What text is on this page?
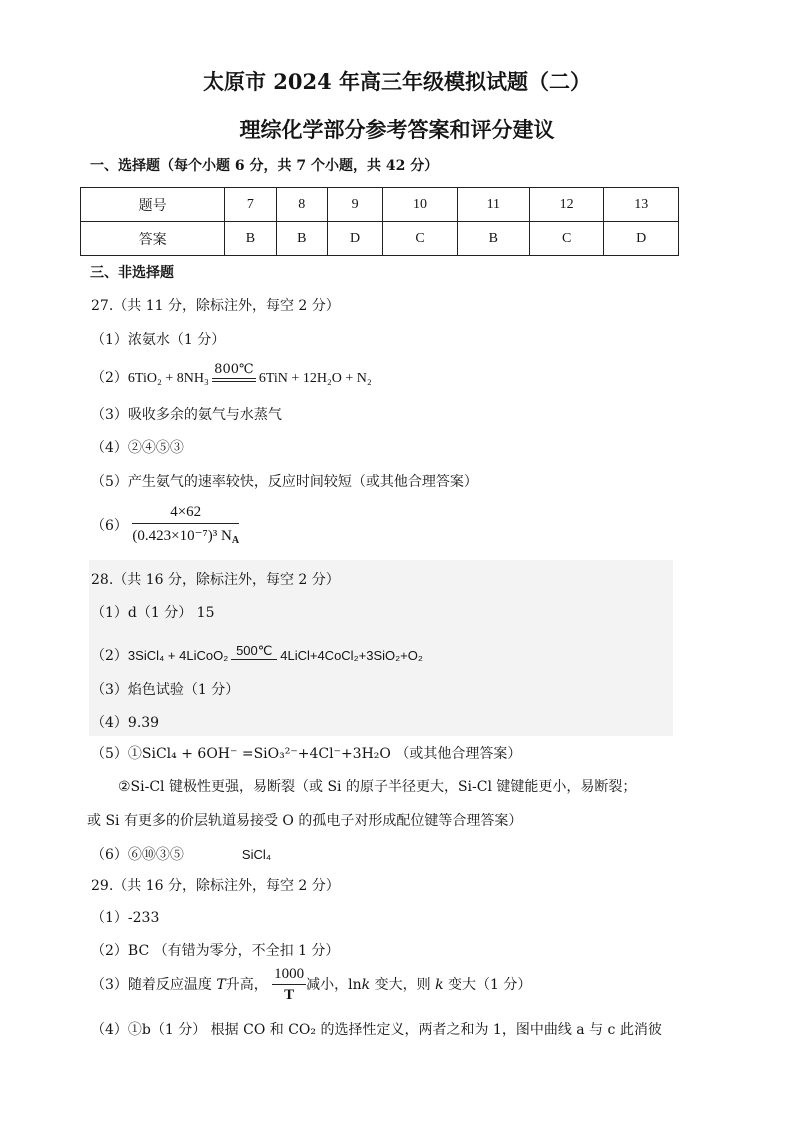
太原市 2024 年高三年级模拟试题（二）
理综化学部分参考答案和评分建议
一、选择题（每个小题 6 分，共 7 个小题，共 42 分）
题号	7	8	9	10	11	12	13
答案	B	B	D	C	B	C	D
三、非选择题
27.（共 11 分，除标注外，每空 2 分）
（1）浓氨水（1 分）
（2）6TiO₂ + 8NH₃
800℃
6TiN + 12H₂O + N₂
（3）吸收多余的氨气与水蒸气
（4）②④⑤③
（5）产生氨气的速率较快，反应时间较短（或其他合理答案）
$(6) \frac{4\times 62}{(0.423\times 10^{-7})^3 N_A}$
28.（共 16 分，除标注外，每空 2 分）
（1）d（1 分） 15
（2）3SiCl₄ + 4LiCoO₂ 500℃ 4LiCl+4CoCl₂+3SiO₂+O₂
（3）焰色试验（1 分）
（4）9.39
（5）①SiCl₄ + 6OH⁻ =SiO₃²⁻+4Cl⁻+3H₂O （或其他合理答案）
②Si-Cl 键极性更强，易断裂（或 Si 的原子半径更大，Si-Cl 键键能更小，易断裂；
或 Si 有更多的价层轨道易接受 O 的孤电子对形成配位键等合理答案）
（6）⑥⑩③⑤	SiCl₄
29.（共 16 分，除标注外，每空 2 分）
（1）-233
（2）BC （有错为零分，不全扣 1 分）
（3）随着反应温度 T升高， $\frac{1000}{T}$ 减小，lnk 变大，则 k 变大（1 分）
（4）①b（1 分） 根据 CO 和 CO₂ 的选择性定义，两者之和为 1，图中曲线 a 与 c 此消彼
